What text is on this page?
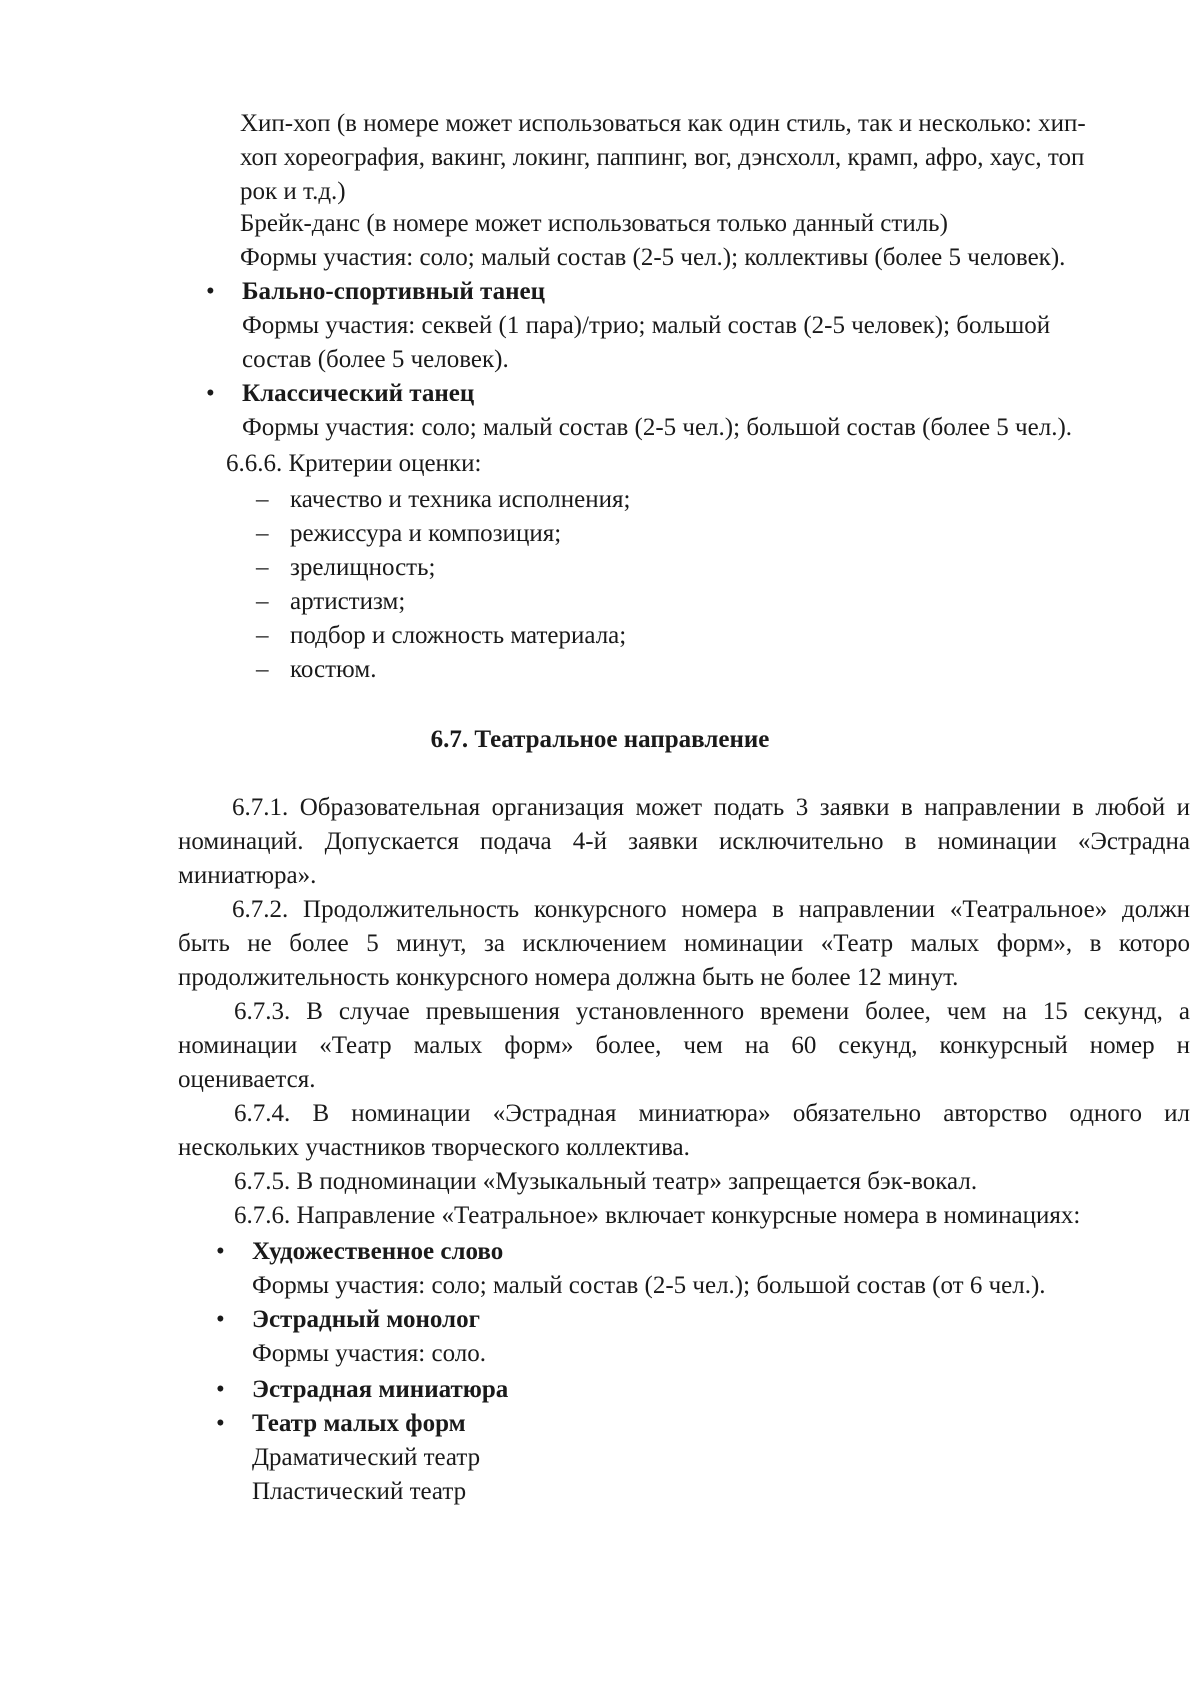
Хип-хоп (в номере может использоваться как один стиль, так и несколько: хип-
хоп хореография, вакинг, локинг, паппинг, вог, дэнсхолл, крамп, афро, хаус, топ
рок и т.д.)
Брейк-данс (в номере может использоваться только данный стиль)
Формы участия: соло; малый состав (2-5 чел.); коллективы (более 5 человек).
• Бально-спортивный танец
Формы участия: секвей (1 пара)/трио; малый состав (2-5 человек); большой
состав (более 5 человек).
• Классический танец
Формы участия: соло; малый состав (2-5 чел.); большой состав (более 5 чел.).
6.6.6. Критерии оценки:
– качество и техника исполнения;
– режиссура и композиция;
– зрелищность;
– артистизм;
– подбор и сложность материала;
– костюм.
6.7. Театральное направление
6.7.1. Образовательная организация может подать 3 заявки в направлении в любой и
номинаций. Допускается подача 4-й заявки исключительно в номинации «Эстрадна
миниатюра».
6.7.2. Продолжительность конкурсного номера в направлении «Театральное» должн
быть не более 5 минут, за исключением номинации «Театр малых форм», в которо
продолжительность конкурсного номера должна быть не более 12 минут.
6.7.3. В случае превышения установленного времени более, чем на 15 секунд, а
номинации «Театр малых форм» более, чем на 60 секунд, конкурсный номер н
оценивается.
6.7.4. В номинации «Эстрадная миниатюра» обязательно авторство одного ил
нескольких участников творческого коллектива.
6.7.5. В подноминации «Музыкальный театр» запрещается бэк-вокал.
6.7.6. Направление «Театральное» включает конкурсные номера в номинациях:
• Художественное слово
Формы участия: соло; малый состав (2-5 чел.); большой состав (от 6 чел.).
• Эстрадный монолог
Формы участия: соло.
• Эстрадная миниатюра
• Театр малых форм
Драматический театр
Пластический театр
